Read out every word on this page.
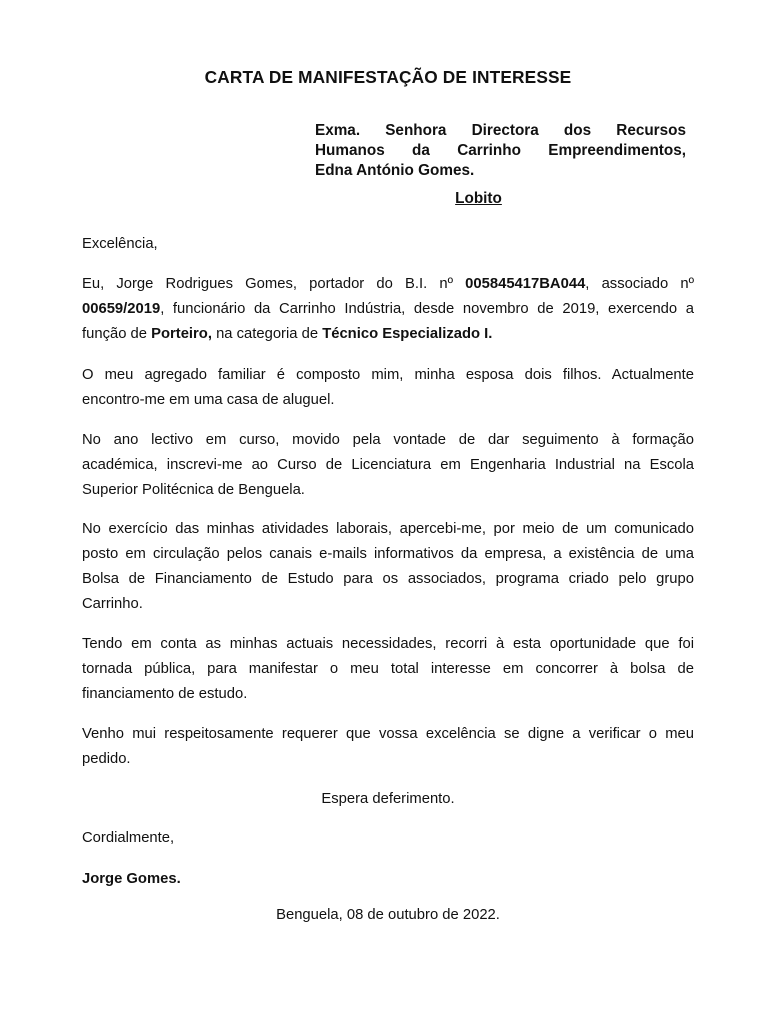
CARTA DE MANIFESTAÇÃO DE INTERESSE
Exma. Senhora Directora dos Recursos
Humanos da Carrinho Empreendimentos,
Edna António Gomes.
Lobito
Excelência,
Eu, Jorge Rodrigues Gomes, portador do B.I. nº 005845417BA044, associado nº
00659/2019, funcionário da Carrinho Indústria, desde novembro de 2019, exercendo a
função de Porteiro, na categoria de Técnico Especializado I.
O meu agregado familiar é composto mim, minha esposa dois filhos. Actualmente
encontro-me em uma casa de aluguel.
No ano lectivo em curso, movido pela vontade de dar seguimento à formação
académica, inscrevi-me ao Curso de Licenciatura em Engenharia Industrial na Escola
Superior Politécnica de Benguela.
No exercício das minhas atividades laborais, apercebi-me, por meio de um comunicado
posto em circulação pelos canais e-mails informativos da empresa, a existência de uma
Bolsa de Financiamento de Estudo para os associados, programa criado pelo grupo
Carrinho.
Tendo em conta as minhas actuais necessidades, recorri à esta oportunidade que foi
tornada pública, para manifestar o meu total interesse em concorrer à bolsa de
financiamento de estudo.
Venho mui respeitosamente requerer que vossa excelência se digne a verificar o meu
pedido.
Espera deferimento.
Cordialmente,
Jorge Gomes.
Benguela, 08 de outubro de 2022.
